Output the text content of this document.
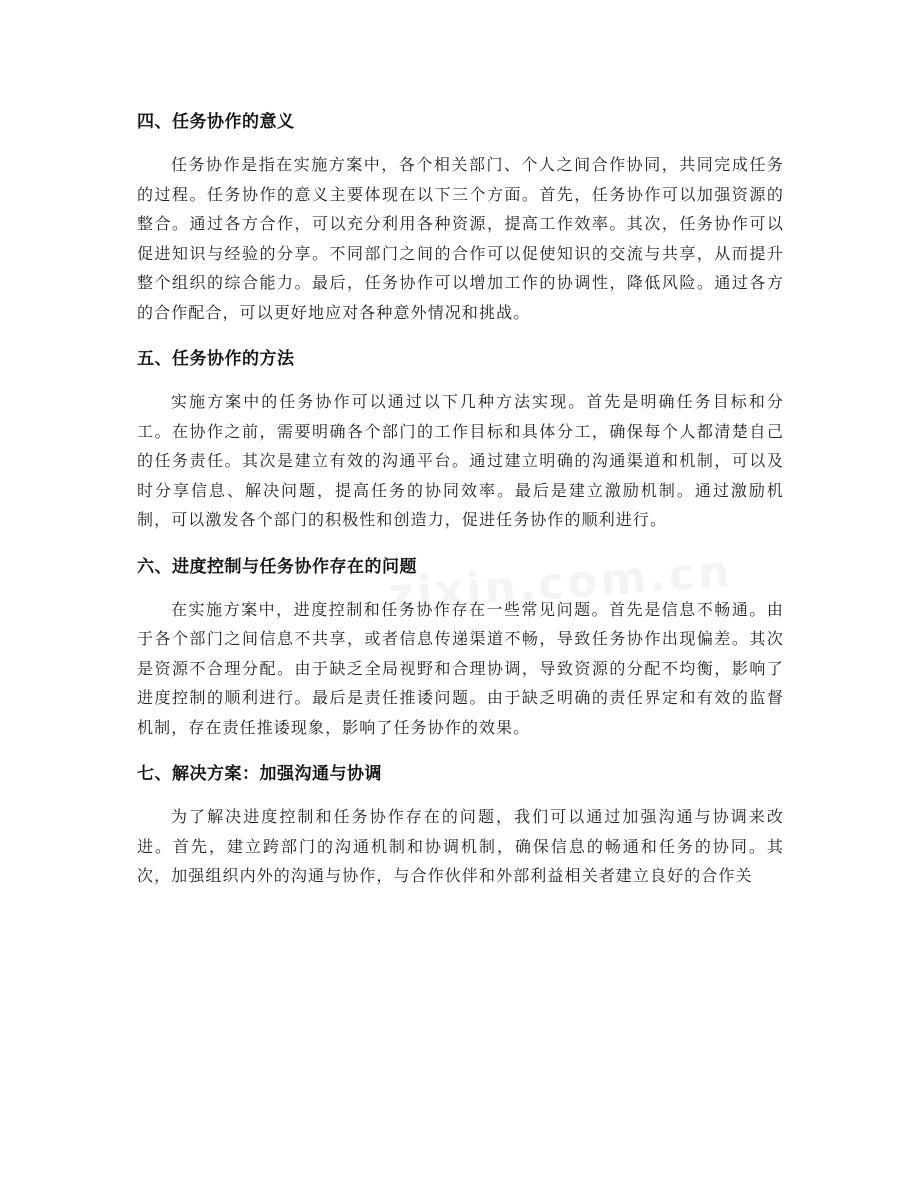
四、任务协作的意义

任务协作是指在实施方案中，各个相关部门、个人之间合作协同，共同完成任务的过程。任务协作的意义主要体现在以下三个方面。首先，任务协作可以加强资源的整合。通过各方合作，可以充分利用各种资源，提高工作效率。其次，任务协作可以促进知识与经验的分享。不同部门之间的合作可以促使知识的交流与共享，从而提升整个组织的综合能力。最后，任务协作可以增加工作的协调性，降低风险。通过各方的合作配合，可以更好地应对各种意外情况和挑战。

五、任务协作的方法

实施方案中的任务协作可以通过以下几种方法实现。首先是明确任务目标和分工。在协作之前，需要明确各个部门的工作目标和具体分工，确保每个人都清楚自己的任务责任。其次是建立有效的沟通平台。通过建立明确的沟通渠道和机制，可以及时分享信息、解决问题，提高任务的协同效率。最后是建立激励机制。通过激励机制，可以激发各个部门的积极性和创造力，促进任务协作的顺利进行。

六、进度控制与任务协作存在的问题

在实施方案中，进度控制和任务协作存在一些常见问题。首先是信息不畅通。由于各个部门之间信息不共享，或者信息传递渠道不畅，导致任务协作出现偏差。其次是资源不合理分配。由于缺乏全局视野和合理协调，导致资源的分配不均衡，影响了进度控制的顺利进行。最后是责任推诿问题。由于缺乏明确的责任界定和有效的监督机制，存在责任推诿现象，影响了任务协作的效果。

七、解决方案：加强沟通与协调

为了解决进度控制和任务协作存在的问题，我们可以通过加强沟通与协调来改进。首先，建立跨部门的沟通机制和协调机制，确保信息的畅通和任务的协同。其次，加强组织内外的沟通与协作，与合作伙伴和外部利益相关者建立良好的合作关
